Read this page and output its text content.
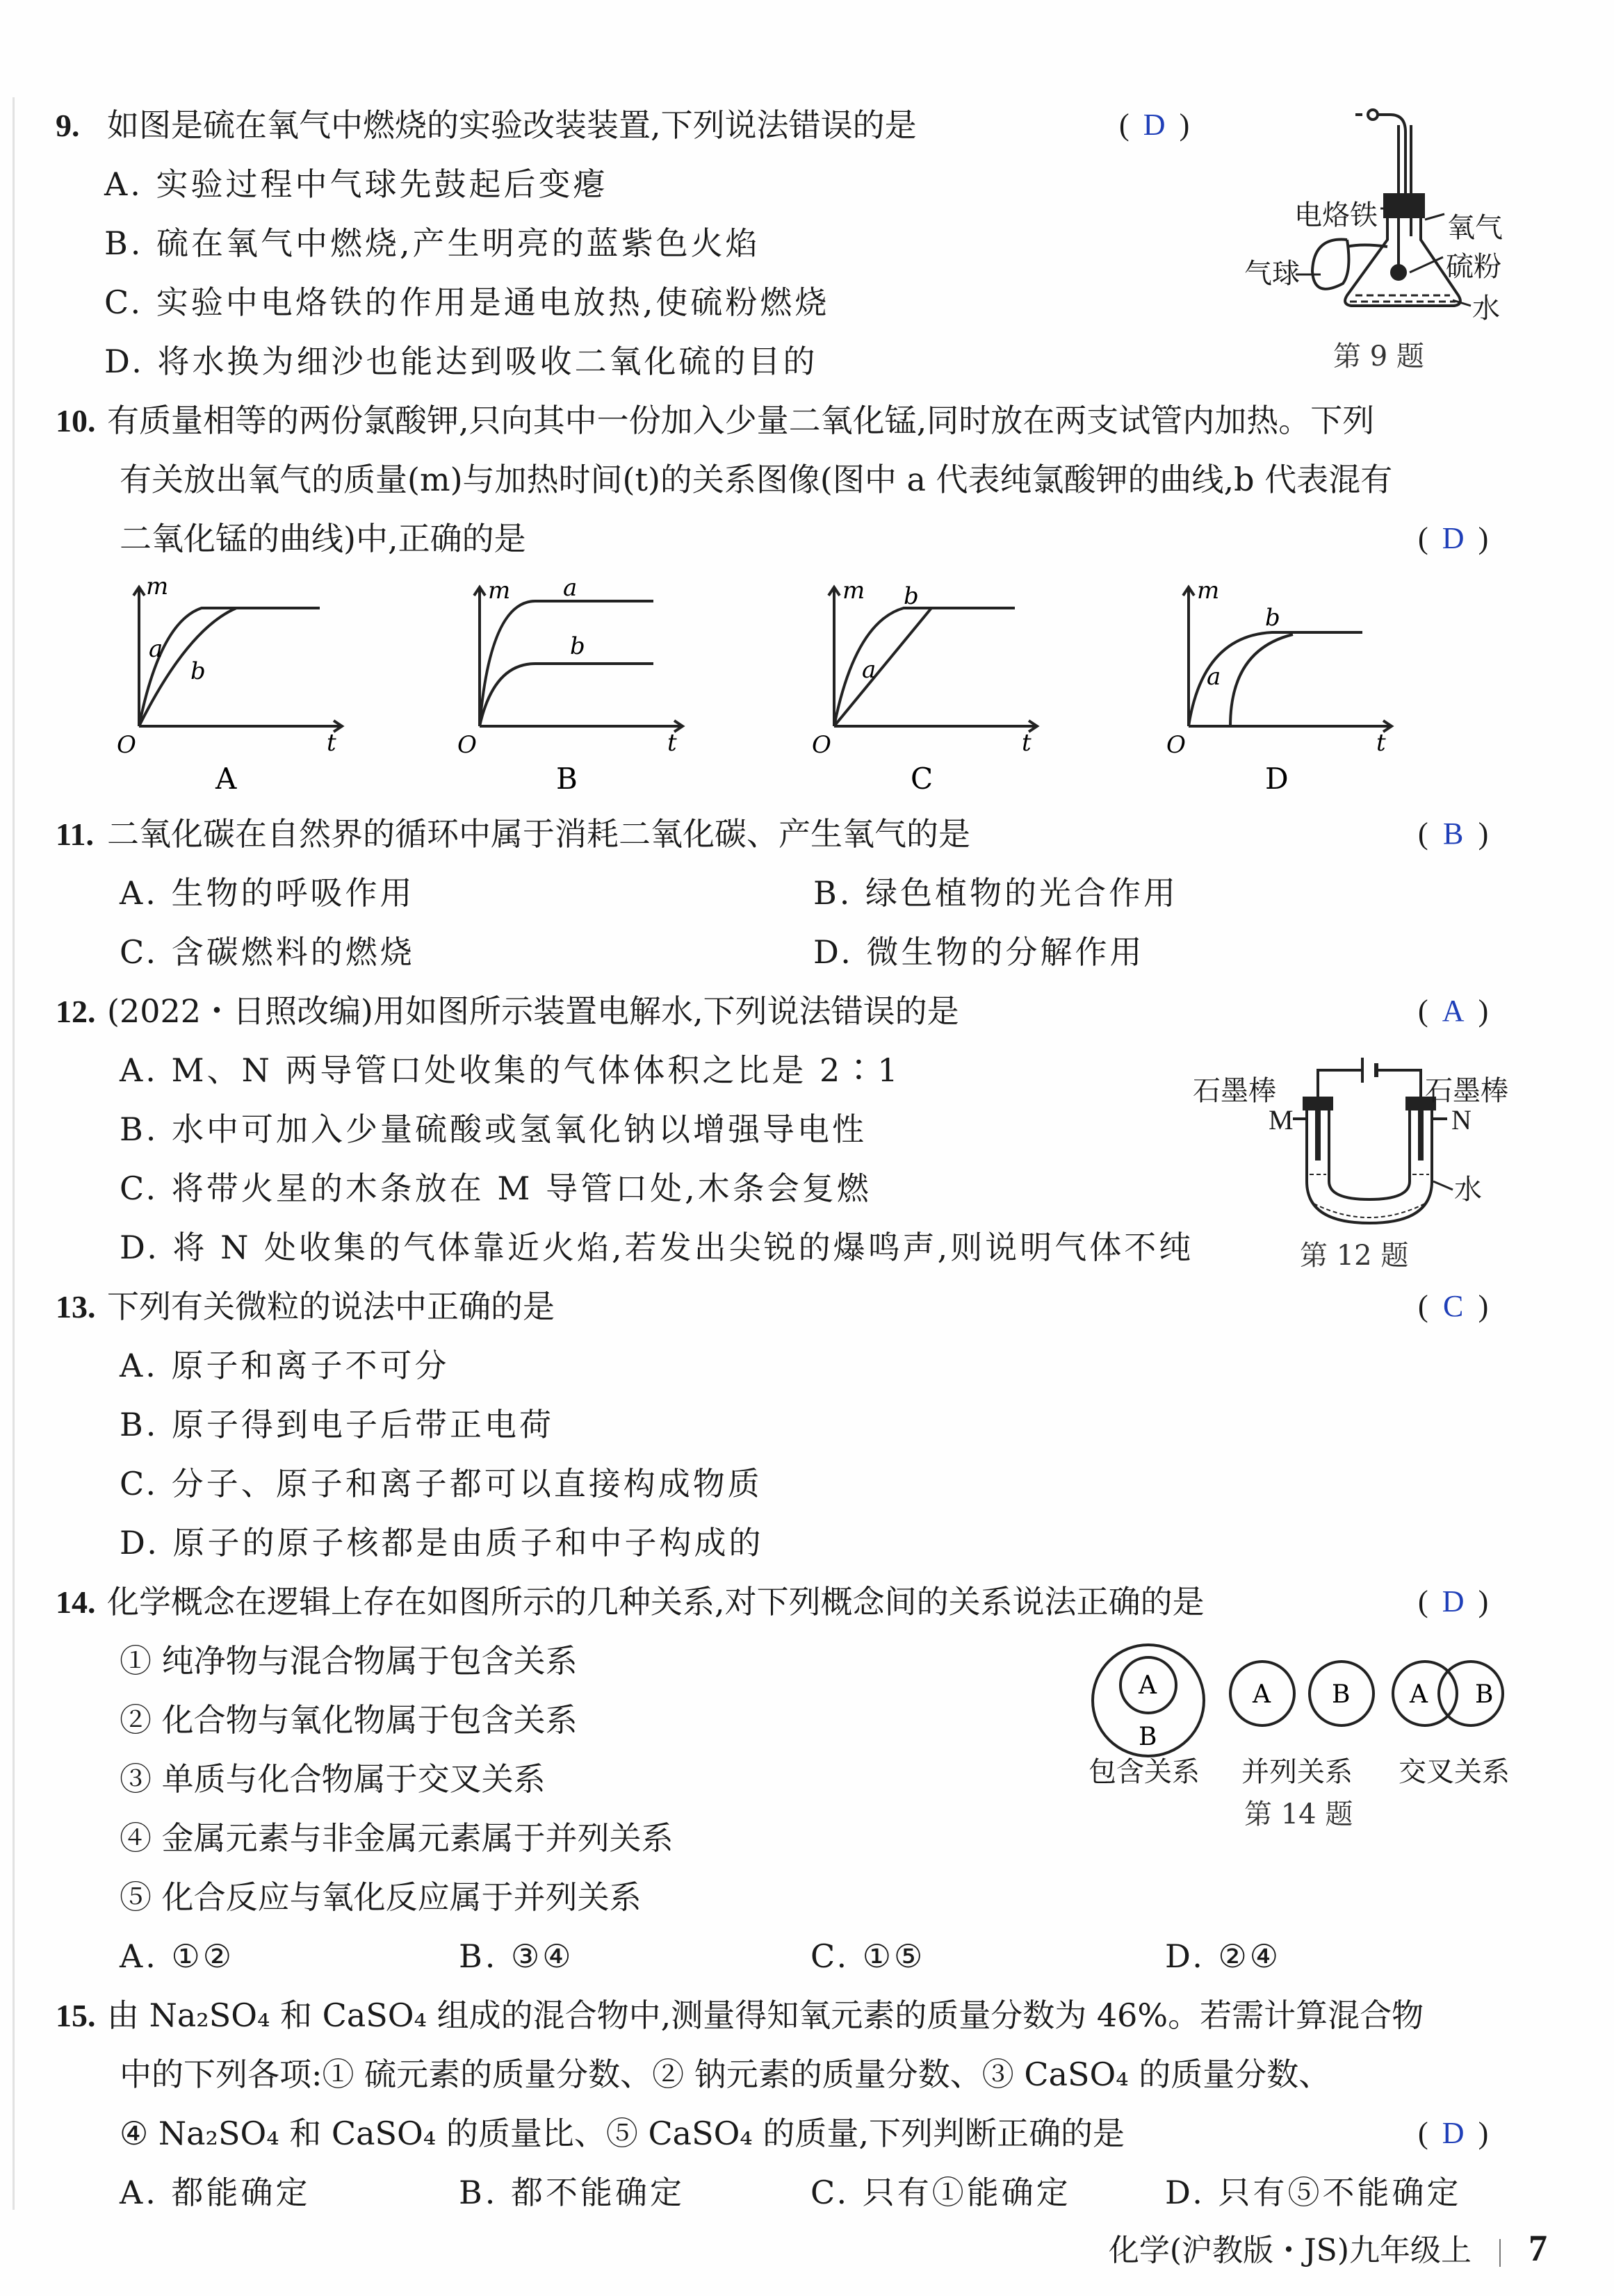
9. 如图是硫在氧气中燃烧的实验改装装置,下列说法错误的是	( D )
A. 实验过程中气球先鼓起后变瘪
B. 硫在氧气中燃烧,产生明亮的蓝紫色火焰
C. 实验中电烙铁的作用是通电放热,使硫粉燃烧
D. 将水换为细沙也能达到吸收二氧化硫的目的
电烙铁	氧气
气球	硫粉
水
第 9 题
10. 有质量相等的两份氯酸钾,只向其中一份加入少量二氧化锰,同时放在两支试管内加热。下列
有关放出氧气的质量(m)与加热时间(t)的关系图像(图中 a 代表纯氯酸钾的曲线,b 代表混有
二氧化锰的曲线)中,正确的是	( D )
m
t
O
a
b
A
m
t
O
a
b
B
m
t
O
a
b
C
m
t
O
a
b
D
11. 二氧化碳在自然界的循环中属于消耗二氧化碳、产生氧气的是	( B )
A. 生物的呼吸作用	B. 绿色植物的光合作用
C. 含碳燃料的燃烧	D. 微生物的分解作用
12. (2022・日照改编)用如图所示装置电解水,下列说法错误的是	( A )
A. M、N 两导管口处收集的气体体积之比是 2∶1
B. 水中可加入少量硫酸或氢氧化钠以增强导电性
C. 将带火星的木条放在 M 导管口处,木条会复燃
D. 将 N 处收集的气体靠近火焰,若发出尖锐的爆鸣声,则说明气体不纯
石墨棒	石墨棒
M	N
水
第 12 题
13. 下列有关微粒的说法中正确的是	( C )
A. 原子和离子不可分
B. 原子得到电子后带正电荷
C. 分子、原子和离子都可以直接构成物质
D. 原子的原子核都是由质子和中子构成的
14. 化学概念在逻辑上存在如图所示的几种关系,对下列概念间的关系说法正确的是	( D )
① 纯净物与混合物属于包含关系
② 化合物与氧化物属于包含关系
③ 单质与化合物属于交叉关系
④ 金属元素与非金属元素属于并列关系
⑤ 化合反应与氧化反应属于并列关系
A. ①②	B. ③④	C. ①⑤	D. ②④
A
B
A B A B
包含关系 并列关系 交叉关系
第 14 题
15. 由 Na₂SO₄ 和 CaSO₄ 组成的混合物中,测量得知氧元素的质量分数为 46%。若需计算混合物
中的下列各项:① 硫元素的质量分数、② 钠元素的质量分数、③ CaSO₄ 的质量分数、
④ Na₂SO₄ 和 CaSO₄ 的质量比、⑤ CaSO₄ 的质量,下列判断正确的是	( D )
A. 都能确定	B. 都不能确定	C. 只有①能确定	D. 只有⑤不能确定
化学(沪教版・JS)九年级上 7
